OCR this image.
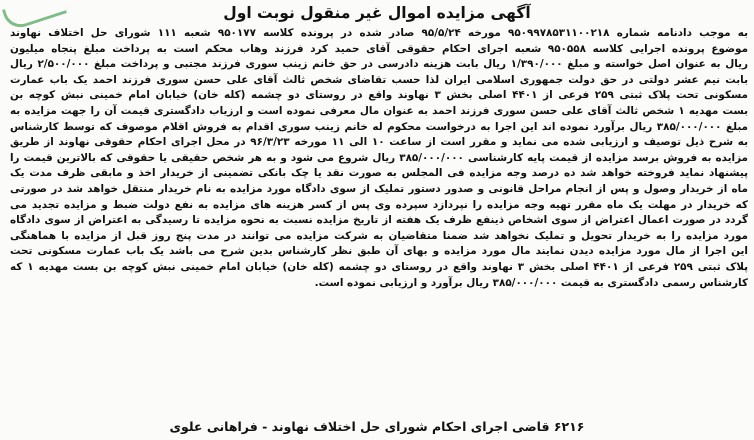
آگهی مزایده اموال غیر منقول نوبت اول
به موجب دادنامه شماره ۹۵۰۹۹۷۸۵۳۱۱۰۰۲۱۸ مورخه ۹۵/۵/۲۴ صادر شده در پرونده کلاسه ۹۵۰۱۷۷ شعبه ۱۱۱ شورای حل اختلاف نهاوند
موضوع پرونده اجرایی کلاسه ۹۵۰۵۵۸ شعبه اجرای احکام حقوقی آقای حمید کرد فرزند وهاب محکم است به پرداخت مبلغ پنجاه میلیون
ریال به عنوان اصل خواسته و مبلغ ۱/۳۹۰/۰۰۰ ریال بابت هزینه دادرسی در حق خانم زینب سوری فرزند مجتبی و پرداخت مبلغ ۲/۵۰۰/۰۰۰ ریال
بابت نیم عشر دولتی در حق دولت جمهوری اسلامی ایران لذا حسب تقاضای شخص ثالث آقای علی حسن سوری فرزند احمد یک باب عمارت
مسکونی تحت پلاک ثبتی ۲۵۹ فرعی از ۴۴۰۱ اصلی بخش ۳ نهاوند واقع در روستای دو چشمه (کله خان) خیابان امام خمینی نبش کوچه بن
بست مهدیه ۱ شخص ثالث آقای علی حسن سوری فرزند احمد به عنوان مال معرفی نموده است و ارزیاب دادگستری قیمت آن را جهت مزایده به
مبلغ ۳۸۵/۰۰۰/۰۰۰ ریال برآورد نموده اند این اجرا به درخواست محکوم له خانم زینب سوری اقدام به فروش اقلام موصوف که توسط کارشناس
به شرح ذیل توصیف و ارزیابی شده می نماید و مقرر است از ساعت ۱۰ الی ۱۱ مورخه ۹۶/۳/۲۳ در محل اجرای احکام حقوقی نهاوند از طریق
مزایده به فروش برسد مزایده از قیمت پایه کارشناسی ۳۸۵/۰۰۰/۰۰۰ ریال شروع می شود و به هر شخص حقیقی یا حقوقی که بالاترین قیمت را
پیشنهاد نماید فروخته خواهد شد ده درصد وجه مزایده فی المجلس به صورت نقد یا چک بانکی تضمینی از خریدار اخذ و مابقی ظرف مدت یک
ماه از خریدار وصول و پس از انجام مراحل قانونی و صدور دستور تملیک از سوی دادگاه مورد مزایده به نام خریدار منتقل خواهد شد در صورتی
که خریدار در مهلت یک ماه مقرر تهیه وجه مزایده را نپردازد سپرده وی پس از کسر هزینه های مزایده به نفع دولت ضبط و مزایده تجدید می
گردد در صورت اعمال اعتراض از سوی اشخاص ذینفع ظرف یک هفته از تاریخ مزایده نسبت به نحوه مزایده تا رسیدگی به اعتراض از سوی دادگاه
مورد مزایده را به خریدار تحویل و تملیک نخواهد شد ضمنا متقاضیان به شرکت مزایده می توانند در مدت پنج روز قبل از مزایده با هماهنگی
این اجرا از مال مورد مزایده دیدن نمایند مال مورد مزایده و بهای آن طبق نظر کارشناس بدین شرح می باشد یک باب عمارت مسکونی تحت
پلاک ثبتی ۲۵۹ فرعی از ۴۴۰۱ اصلی بخش ۳ نهاوند واقع در روستای دو چشمه (کله خان) خیابان امام خمینی نبش کوچه بن بست مهدیه ۱ که
کارشناس رسمی دادگستری به قیمت ۳۸۵/۰۰۰/۰۰۰ ریال برآورد و ارزیابی نموده است.
۶۲۱۶ قاضی اجرای احکام شورای حل اختلاف نهاوند - فراهانی علوی
